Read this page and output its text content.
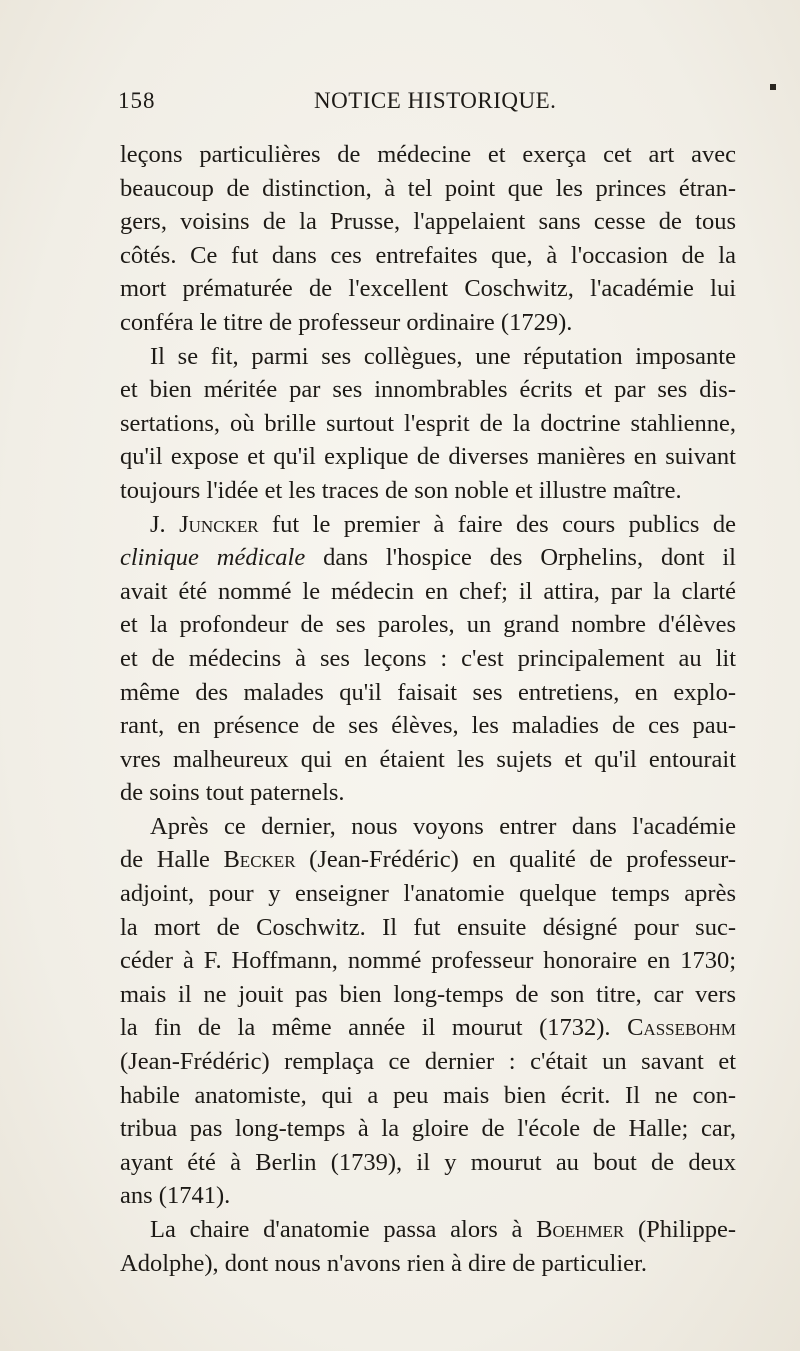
158	NOTICE HISTORIQUE.
leçons particulières de médecine et exerça cet art avec
beaucoup de distinction, à tel point que les princes étran-
gers, voisins de la Prusse, l'appelaient sans cesse de tous
côtés. Ce fut dans ces entrefaites que, à l'occasion de la
mort prématurée de l'excellent Coschwitz, l'académie lui
conféra le titre de professeur ordinaire (1729).
Il se fit, parmi ses collègues, une réputation imposante
et bien méritée par ses innombrables écrits et par ses dis-
sertations, où brille surtout l'esprit de la doctrine stahlienne,
qu'il expose et qu'il explique de diverses manières en suivant
toujours l'idée et les traces de son noble et illustre maître.
J. Juncker fut le premier à faire des cours publics de
clinique médicale dans l'hospice des Orphelins, dont il
avait été nommé le médecin en chef; il attira, par la clarté
et la profondeur de ses paroles, un grand nombre d'élèves
et de médecins à ses leçons : c'est principalement au lit
même des malades qu'il faisait ses entretiens, en explo-
rant, en présence de ses élèves, les maladies de ces pau-
vres malheureux qui en étaient les sujets et qu'il entourait
de soins tout paternels.
Après ce dernier, nous voyons entrer dans l'académie
de Halle Becker (Jean-Frédéric) en qualité de professeur-
adjoint, pour y enseigner l'anatomie quelque temps après
la mort de Coschwitz. Il fut ensuite désigné pour suc-
céder à F. Hoffmann, nommé professeur honoraire en 1730;
mais il ne jouit pas bien long-temps de son titre, car vers
la fin de la même année il mourut (1732). Cassebohm
(Jean-Frédéric) remplaça ce dernier : c'était un savant et
habile anatomiste, qui a peu mais bien écrit. Il ne con-
tribua pas long-temps à la gloire de l'école de Halle; car,
ayant été à Berlin (1739), il y mourut au bout de deux
ans (1741).
La chaire d'anatomie passa alors à Boehmer (Philippe-
Adolphe), dont nous n'avons rien à dire de particulier.
